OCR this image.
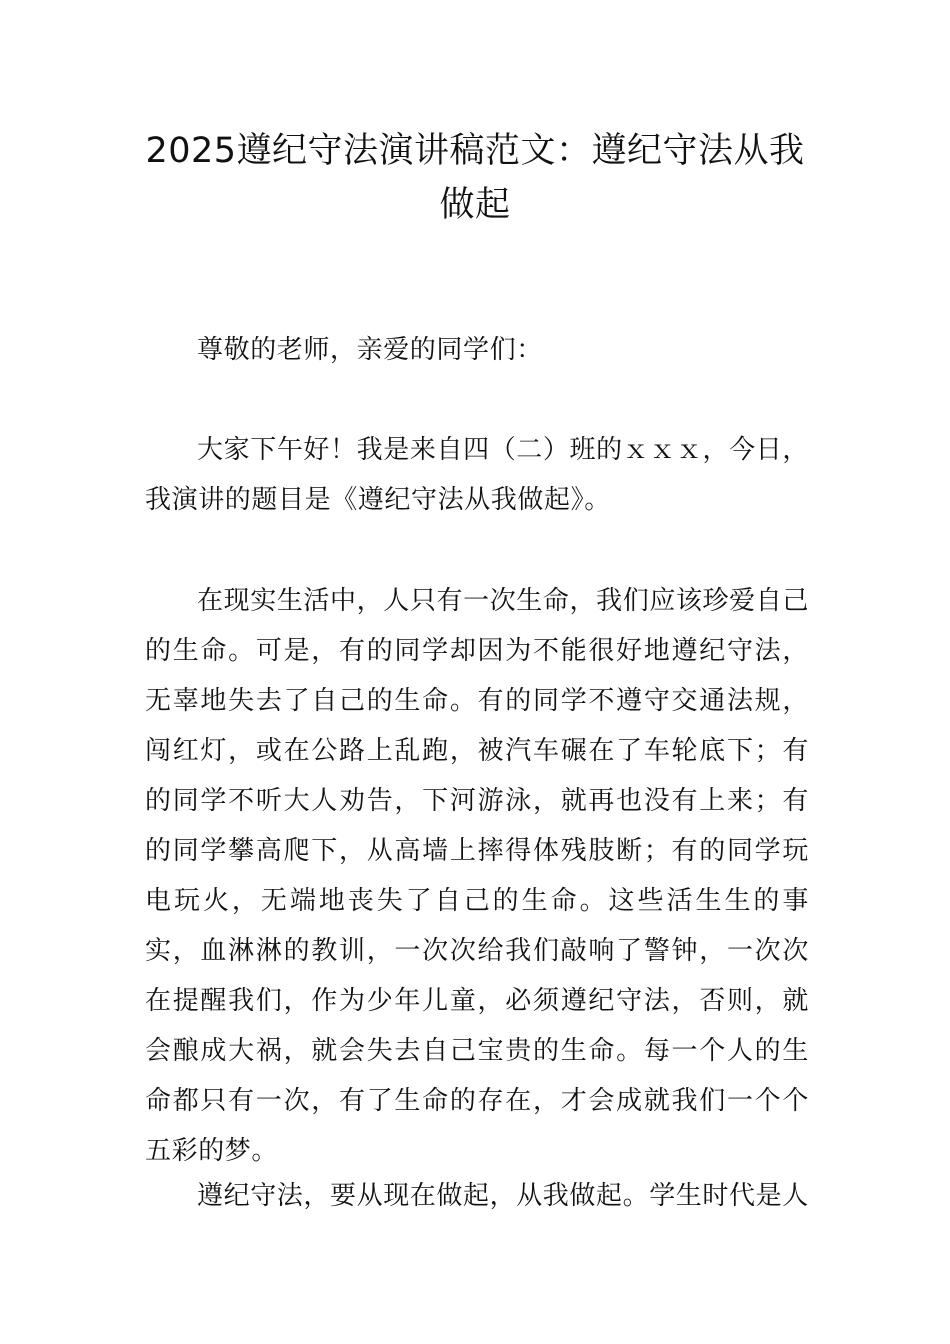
2025遵纪守法演讲稿范文：遵纪守法从我做起

尊敬的老师，亲爱的同学们：

大家下午好！我是来自四（二）班的ｘｘｘ，今日，我演讲的题目是《遵纪守法从我做起》。

在现实生活中，人只有一次生命，我们应该珍爱自己的生命。可是，有的同学却因为不能很好地遵纪守法，无辜地失去了自己的生命。有的同学不遵守交通法规，闯红灯，或在公路上乱跑，被汽车碾在了车轮底下；有的同学不听大人劝告，下河游泳，就再也没有上来；有的同学攀高爬下，从高墙上摔得体残肢断；有的同学玩电玩火，无端地丧失了自己的生命。这些活生生的事实，血淋淋的教训，一次次给我们敲响了警钟，一次次在提醒我们，作为少年儿童，必须遵纪守法，否则，就会酿成大祸，就会失去自己宝贵的生命。每一个人的生命都只有一次，有了生命的存在，才会成就我们一个个五彩的梦。

遵纪守法，要从现在做起，从我做起。学生时代是人
